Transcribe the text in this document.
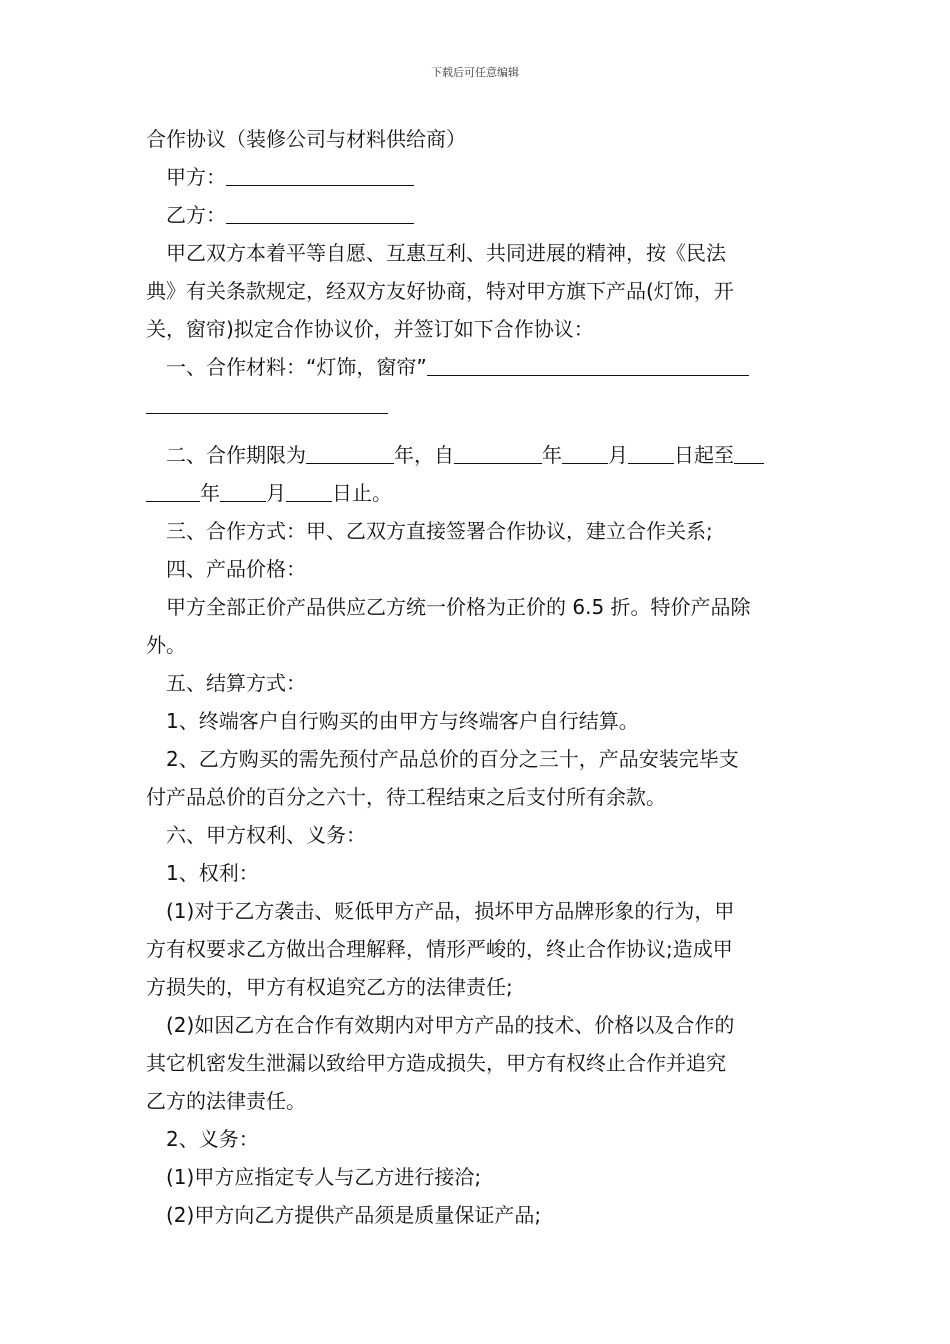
下载后可任意编辑
合作协议（装修公司与材料供给商）
甲方：
乙方：
甲乙双方本着平等自愿、互惠互利、共同进展的精神，按《民法
典》有关条款规定，经双方友好协商，特对甲方旗下产品(灯饰，开
关，窗帘)拟定合作协议价，并签订如下合作协议：
一、合作材料：“灯饰，窗帘”
二、合作期限为	年，自	年 月 日起至
年 月 日止。
三、合作方式：甲、乙双方直接签署合作协议，建立合作关系;
四、产品价格：
甲方全部正价产品供应乙方统一价格为正价的 6.5 折。特价产品除
外。
五、结算方式：
1、终端客户自行购买的由甲方与终端客户自行结算。
2、乙方购买的需先预付产品总价的百分之三十，产品安装完毕支
付产品总价的百分之六十，待工程结束之后支付所有余款。
六、甲方权利、义务：
1、权利：
(1)对于乙方袭击、贬低甲方产品，损坏甲方品牌形象的行为，甲
方有权要求乙方做出合理解释，情形严峻的，终止合作协议;造成甲
方损失的，甲方有权追究乙方的法律责任;
(2)如因乙方在合作有效期内对甲方产品的技术、价格以及合作的
其它机密发生泄漏以致给甲方造成损失，甲方有权终止合作并追究
乙方的法律责任。
2、义务：
(1)甲方应指定专人与乙方进行接洽;
(2)甲方向乙方提供产品须是质量保证产品;
